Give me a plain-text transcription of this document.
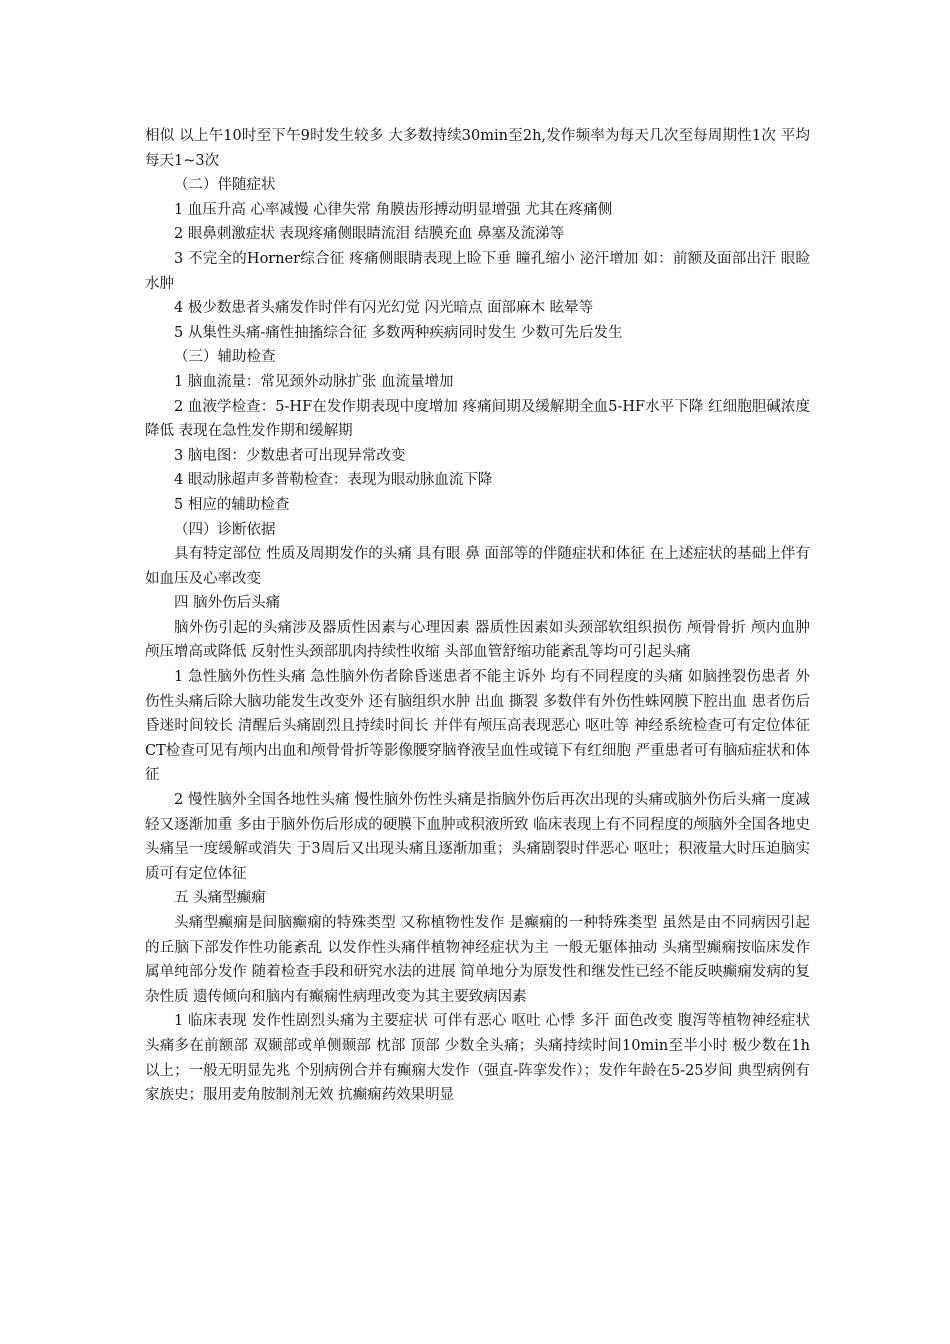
相似 以上午10时至下午9时发生较多 大多数持续30min至2h,发作频率为每天几次至每周期性1次 平均每天1~3次

（二）伴随症状

1 血压升高 心率减慢 心律失常 角膜齿形搏动明显增强 尤其在疼痛侧

2 眼鼻刺激症状 表现疼痛侧眼睛流泪 结膜充血 鼻塞及流涕等

3 不完全的Horner综合征 疼痛侧眼睛表现上睑下垂 瞳孔缩小 泌汗增加 如：前额及面部出汗 眼睑水肿

4 极少数患者头痛发作时伴有闪光幻觉 闪光暗点 面部麻木 眩晕等

5 从集性头痛-痛性抽搐综合征 多数两种疾病同时发生 少数可先后发生

（三）辅助检查

1 脑血流量：常见颈外动脉扩张 血流量增加

2 血液学检查：5-HF在发作期表现中度增加 疼痛间期及缓解期全血5-HF水平下降 红细胞胆碱浓度降低 表现在急性发作期和缓解期

3 脑电图：少数患者可出现异常改变

4 眼动脉超声多普勒检查：表现为眼动脉血流下降

5 相应的辅助检查

（四）诊断依据

具有特定部位 性质及周期发作的头痛 具有眼 鼻 面部等的伴随症状和体征 在上述症状的基础上伴有如血压及心率改变

四 脑外伤后头痛

脑外伤引起的头痛涉及器质性因素与心理因素 器质性因素如头颈部软组织损伤 颅骨骨折 颅内血肿 颅压增高或降低 反射性头颈部肌肉持续性收缩 头部血管舒缩功能紊乱等均可引起头痛

1 急性脑外伤性头痛 急性脑外伤者除昏迷患者不能主诉外 均有不同程度的头痛 如脑挫裂伤患者 外伤性头痛后除大脑功能发生改变外 还有脑组织水肿 出血 撕裂 多数伴有外伤性蛛网膜下腔出血 患者伤后昏迷时间较长 清醒后头痛剧烈且持续时间长 并伴有颅压高表现恶心 呕吐等 神经系统检查可有定位体征 CT检查可见有颅内出血和颅骨骨折等影像腰穿脑脊液呈血性或镜下有红细胞 严重患者可有脑疝症状和体征

2 慢性脑外全国各地性头痛 慢性脑外伤性头痛是指脑外伤后再次出现的头痛或脑外伤后头痛一度减轻又逐渐加重 多由于脑外伤后形成的硬膜下血肿或积液所致 临床表现上有不同程度的颅脑外全国各地史 头痛呈一度缓解或消失 于3周后又出现头痛且逐渐加重；头痛剧裂时伴恶心 呕吐；积液量大时压迫脑实质可有定位体征

五 头痛型癫痫

头痛型癫痫是间脑癫痫的特殊类型 又称植物性发作 是癫痫的一种特殊类型 虽然是由不同病因引起的丘脑下部发作性功能紊乱 以发作性头痛伴植物神经症状为主 一般无躯体抽动 头痛型癫痫按临床发作属单纯部分发作 随着检查手段和研究水法的进展 简单地分为原发性和继发性已经不能反映癫痫发病的复杂性质 遗传倾向和脑内有癫痫性病理改变为其主要致病因素

1 临床表现 发作性剧烈头痛为主要症状 可伴有恶心 呕吐 心悸 多汗 面色改变 腹泻等植物神经症状 头痛多在前额部 双颞部或单侧颞部 枕部 顶部 少数全头痛；头痛持续时间10min至半小时 极少数在1h以上；一般无明显先兆 个别病例合并有癫痫大发作（强直-阵挛发作）；发作年龄在5-25岁间 典型病例有家族史；服用麦角胺制剂无效 抗癫痫药效果明显
